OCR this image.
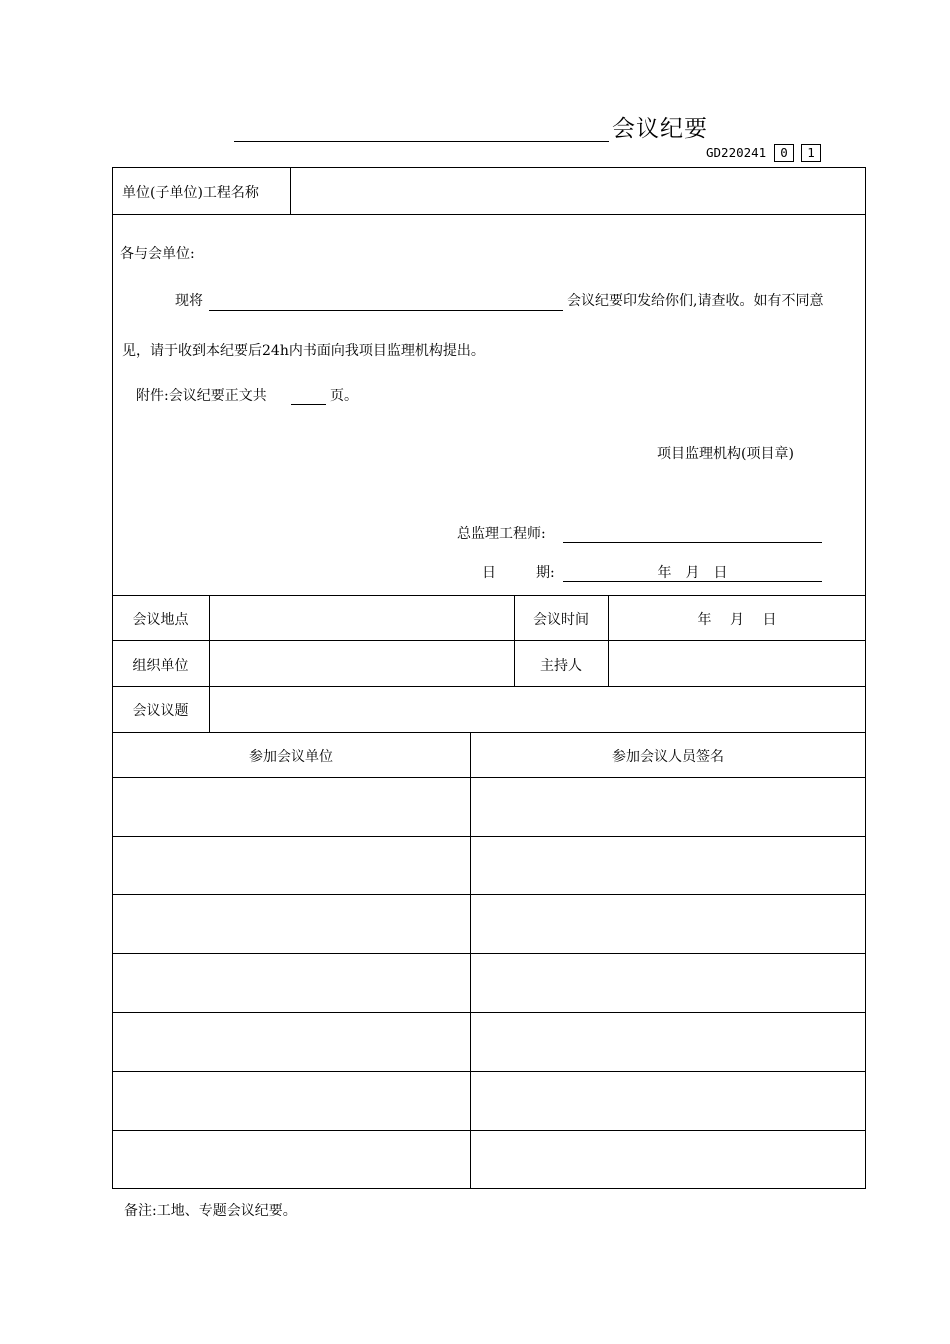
会议纪要
GD220241	0	1
单位(子单位)工程名称
各与会单位:
现将	会议纪要印发给你们,请查收。如有不同意
见，请于收到本纪要后24h内书面向我项目监理机构提出。
附件:会议纪要正文共	页。
项目监理机构(项目章)
总监理工程师:
日	期:	年　月　日
会议地点	会议时间	年　 月　 日
组织单位	主持人
会议议题
参加会议单位	参加会议人员签名
备注:工地、专题会议纪要。
